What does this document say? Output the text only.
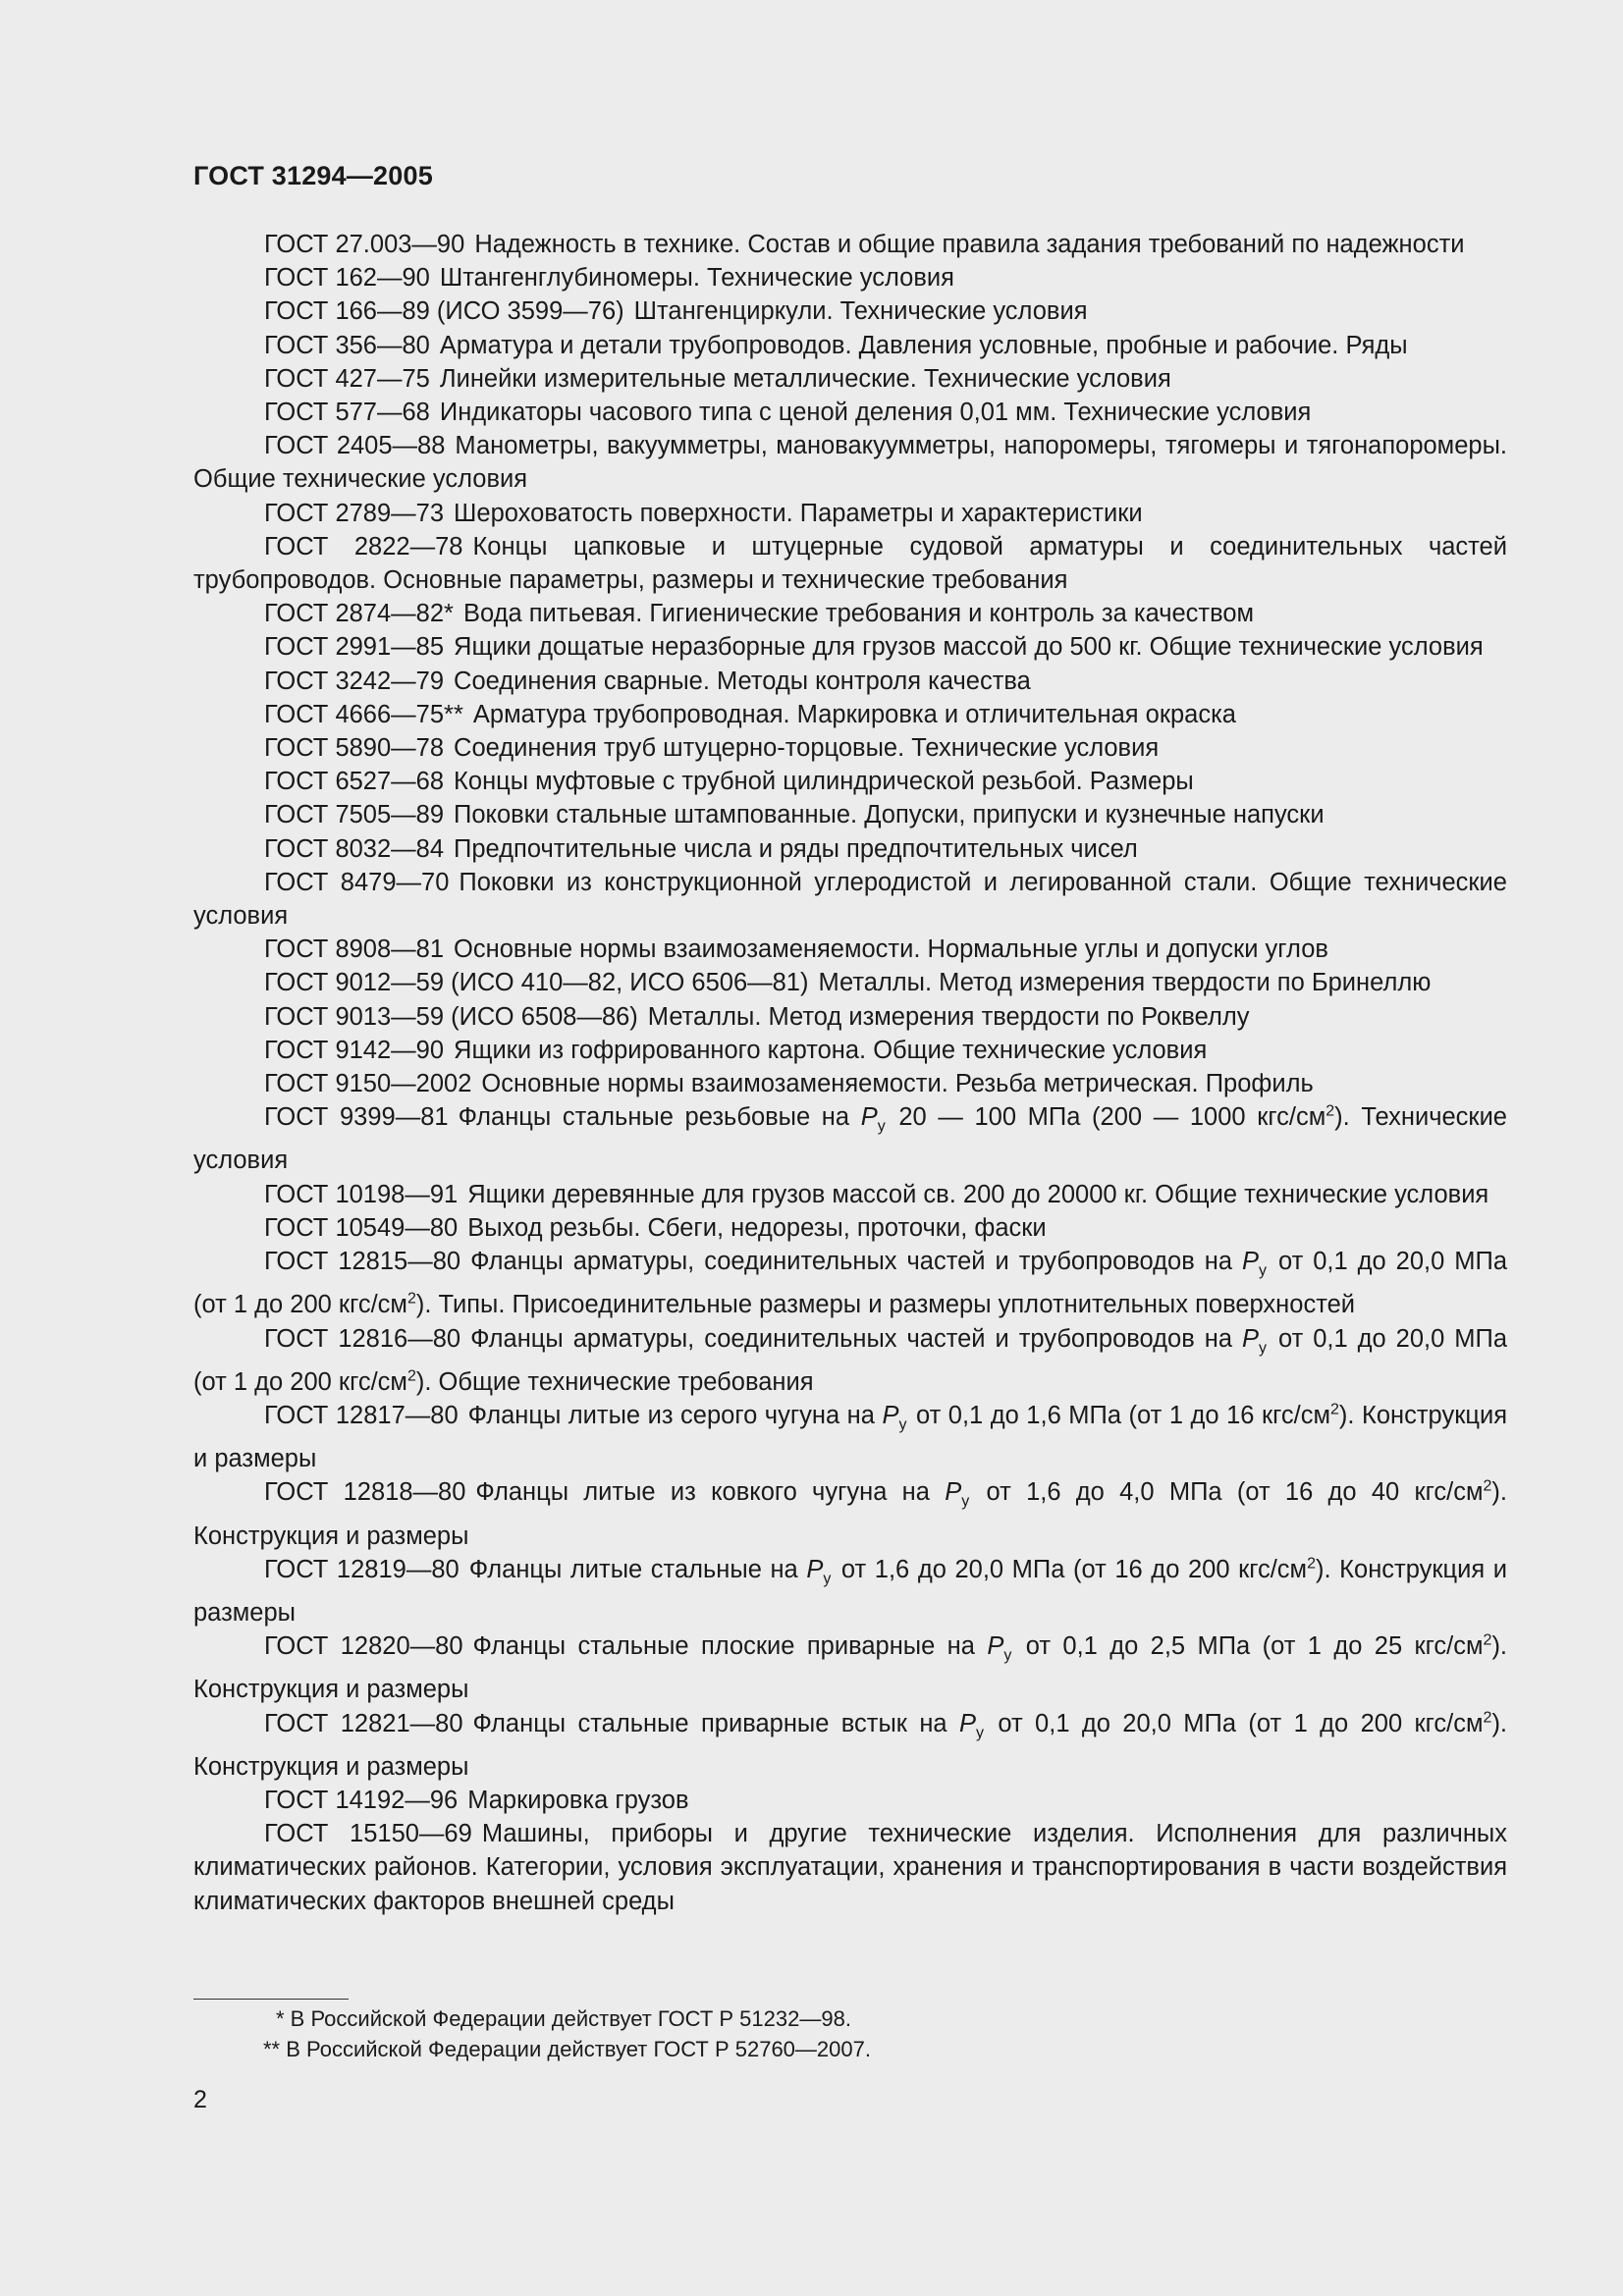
ГОСТ 31294—2005

ГОСТ 27.003—90 Надежность в технике. Состав и общие правила задания требований по надежности

ГОСТ 162—90 Штангенглубиномеры. Технические условия

ГОСТ 166—89 (ИСО 3599—76) Штангенциркули. Технические условия

ГОСТ 356—80 Арматура и детали трубопроводов. Давления условные, пробные и рабочие. Ряды

ГОСТ 427—75 Линейки измерительные металлические. Технические условия

ГОСТ 577—68 Индикаторы часового типа с ценой деления 0,01 мм. Технические условия

ГОСТ 2405—88 Манометры, вакуумметры, мановакуумметры, напоромеры, тягомеры и тягонапоромеры. Общие технические условия

ГОСТ 2789—73 Шероховатость поверхности. Параметры и характеристики

ГОСТ 2822—78 Концы цапковые и штуцерные судовой арматуры и соединительных частей трубопроводов. Основные параметры, размеры и технические требования

ГОСТ 2874—82* Вода питьевая. Гигиенические требования и контроль за качеством

ГОСТ 2991—85 Ящики дощатые неразборные для грузов массой до 500 кг. Общие технические условия

ГОСТ 3242—79 Соединения сварные. Методы контроля качества

ГОСТ 4666—75** Арматура трубопроводная. Маркировка и отличительная окраска

ГОСТ 5890—78 Соединения труб штуцерно-торцовые. Технические условия

ГОСТ 6527—68 Концы муфтовые с трубной цилиндрической резьбой. Размеры

ГОСТ 7505—89 Поковки стальные штампованные. Допуски, припуски и кузнечные напуски

ГОСТ 8032—84 Предпочтительные числа и ряды предпочтительных чисел

ГОСТ 8479—70 Поковки из конструкционной углеродистой и легированной стали. Общие технические условия

ГОСТ 8908—81 Основные нормы взаимозаменяемости. Нормальные углы и допуски углов

ГОСТ 9012—59 (ИСО 410—82, ИСО 6506—81) Металлы. Метод измерения твердости по Бринеллю

ГОСТ 9013—59 (ИСО 6508—86) Металлы. Метод измерения твердости по Роквеллу

ГОСТ 9142—90 Ящики из гофрированного картона. Общие технические условия

ГОСТ 9150—2002 Основные нормы взаимозаменяемости. Резьба метрическая. Профиль

ГОСТ 9399—81 Фланцы стальные резьбовые на $P_у$ 20 — 100 МПа (200 — 1000 кгс/$см^2$). Технические условия

ГОСТ 10198—91 Ящики деревянные для грузов массой св. 200 до 20000 кг. Общие технические условия

ГОСТ 10549—80 Выход резьбы. Сбеги, недорезы, проточки, фаски

ГОСТ 12815—80 Фланцы арматуры, соединительных частей и трубопроводов на $P_у$ от 0,1 до 20,0 МПа (от 1 до 200 кгс/$см^2$). Типы. Присоединительные размеры и размеры уплотнительных поверхностей

ГОСТ 12816—80 Фланцы арматуры, соединительных частей и трубопроводов на $P_у$ от 0,1 до 20,0 МПа (от 1 до 200 кгс/$см^2$). Общие технические требования

ГОСТ 12817—80 Фланцы литые из серого чугуна на $P_у$ от 0,1 до 1,6 МПа (от 1 до 16 кгс/$см^2$). Конструкция и размеры

ГОСТ 12818—80 Фланцы литые из ковкого чугуна на $P_у$ от 1,6 до 4,0 МПа (от 16 до 40 кгс/$см^2$). Конструкция и размеры

ГОСТ 12819—80 Фланцы литые стальные на $P_у$ от 1,6 до 20,0 МПа (от 16 до 200 кгс/$см^2$). Конструкция и размеры

ГОСТ 12820—80 Фланцы стальные плоские приварные на $P_у$ от 0,1 до 2,5 МПа (от 1 до 25 кгс/$см^2$). Конструкция и размеры

ГОСТ 12821—80 Фланцы стальные приварные встык на $P_у$ от 0,1 до 20,0 МПа (от 1 до 200 кгс/$см^2$). Конструкция и размеры

ГОСТ 14192—96 Маркировка грузов

ГОСТ 15150—69 Машины, приборы и другие технические изделия. Исполнения для различных климатических районов. Категории, условия эксплуатации, хранения и транспортирования в части воздействия климатических факторов внешней среды

* В Российской Федерации действует ГОСТ Р 51232—98.

** В Российской Федерации действует ГОСТ Р 52760—2007.

2
